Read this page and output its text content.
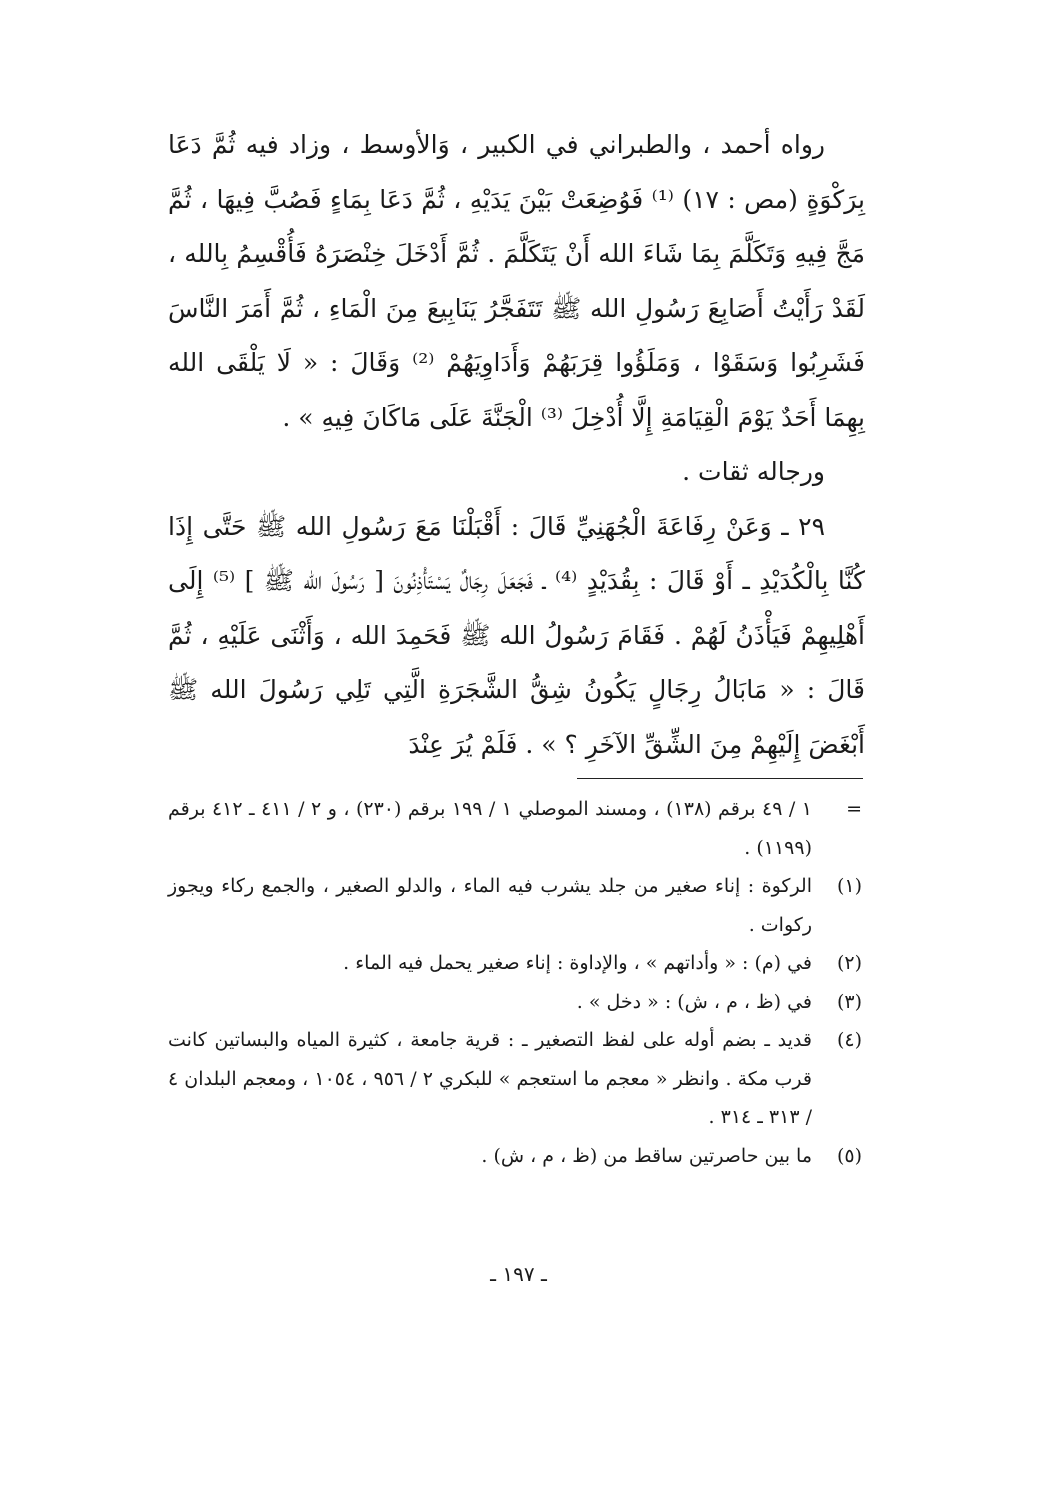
رواه أحمد ، والطبراني في الكبير ، وَالأوسط ، وزاد فيه ثُمَّ دَعَا بِرَكْوَةٍ (مص : ١٧) ⁽¹⁾ فَوُضِعَتْ بَيْنَ يَدَيْهِ ، ثُمَّ دَعَا بِمَاءٍ فَصُبَّ فِيهَا ، ثُمَّ مَجَّ فِيهِ وَتَكَلَّمَ بِمَا شَاءَ الله أَنْ يَتَكَلَّمَ . ثُمَّ أَدْخَلَ خِنْصَرَهُ فَأُقْسِمُ بِالله ، لَقَدْ رَأَيْتُ أَصَابِعَ رَسُولِ الله ﷺ تَتَفَجَّرُ يَنَابِيعَ مِنَ الْمَاءِ ، ثُمَّ أَمَرَ النَّاسَ فَشَرِبُوا وَسَقَوْا ، وَمَلَؤُوا قِرَبَهُمْ وَأَدَاوِيَهُمْ ⁽²⁾ وَقَالَ : « لَا يَلْقَى الله بِهِمَا أَحَدٌ يَوْمَ الْقِيَامَةِ إِلَّا أُدْخِلَ ⁽³⁾ الْجَنَّةَ عَلَى مَاكَانَ فِيهِ » .

ورجاله ثقات .

٢٩ ـ وَعَنْ رِفَاعَةَ الْجُهَنِيِّ قَالَ : أَقْبَلْنَا مَعَ رَسُولِ الله ﷺ حَتَّى إِذَا كُنَّا بِالْكُدَيْدِ ـ أَوْ قَالَ : بِقُدَيْدٍ ⁽⁴⁾ ـ فَجَعَلَ رِجَالٌ يَسْتَأْذِنُونَ [ رَسُولَ الله ﷺ ] ⁽⁵⁾ إِلَى أَهْلِيهِمْ فَيَأْذَنُ لَهُمْ . فَقَامَ رَسُولُ الله ﷺ فَحَمِدَ الله ، وَأَثْنَى عَلَيْهِ ، ثُمَّ قَالَ : « مَابَالُ رِجَالٍ يَكُونُ شِقُّ الشَّجَرَةِ الَّتِي تَلِي رَسُولَ الله ﷺ أَبْغَضَ إِلَيْهِمْ مِنَ الشِّقِّ الآخَرِ ؟ » . فَلَمْ يُرَ عِنْدَ

=
١ / ٤٩ برقم (١٣٨) ، ومسند الموصلي ١ / ١٩٩ برقم (٢٣٠) ، و ٢ / ٤١١ ـ ٤١٢ برقم (١١٩٩) .
(١)
الركوة : إناء صغير من جلد يشرب فيه الماء ، والدلو الصغير ، والجمع ركاء ويجوز ركوات .
(٢)
في (م) : « وأداتهم » ، والإداوة : إناء صغير يحمل فيه الماء .
(٣)
في (ظ ، م ، ش) : « دخل » .
(٤)
قديد ـ بضم أوله على لفظ التصغير ـ : قرية جامعة ، كثيرة المياه والبساتين كانت قرب مكة . وانظر « معجم ما استعجم » للبكري ٢ / ٩٥٦ ، ١٠٥٤ ، ومعجم البلدان ٤ / ٣١٣ ـ ٣١٤ .
(٥)
ما بين حاصرتين ساقط من (ظ ، م ، ش) .
ـ ١٩٧ ـ
